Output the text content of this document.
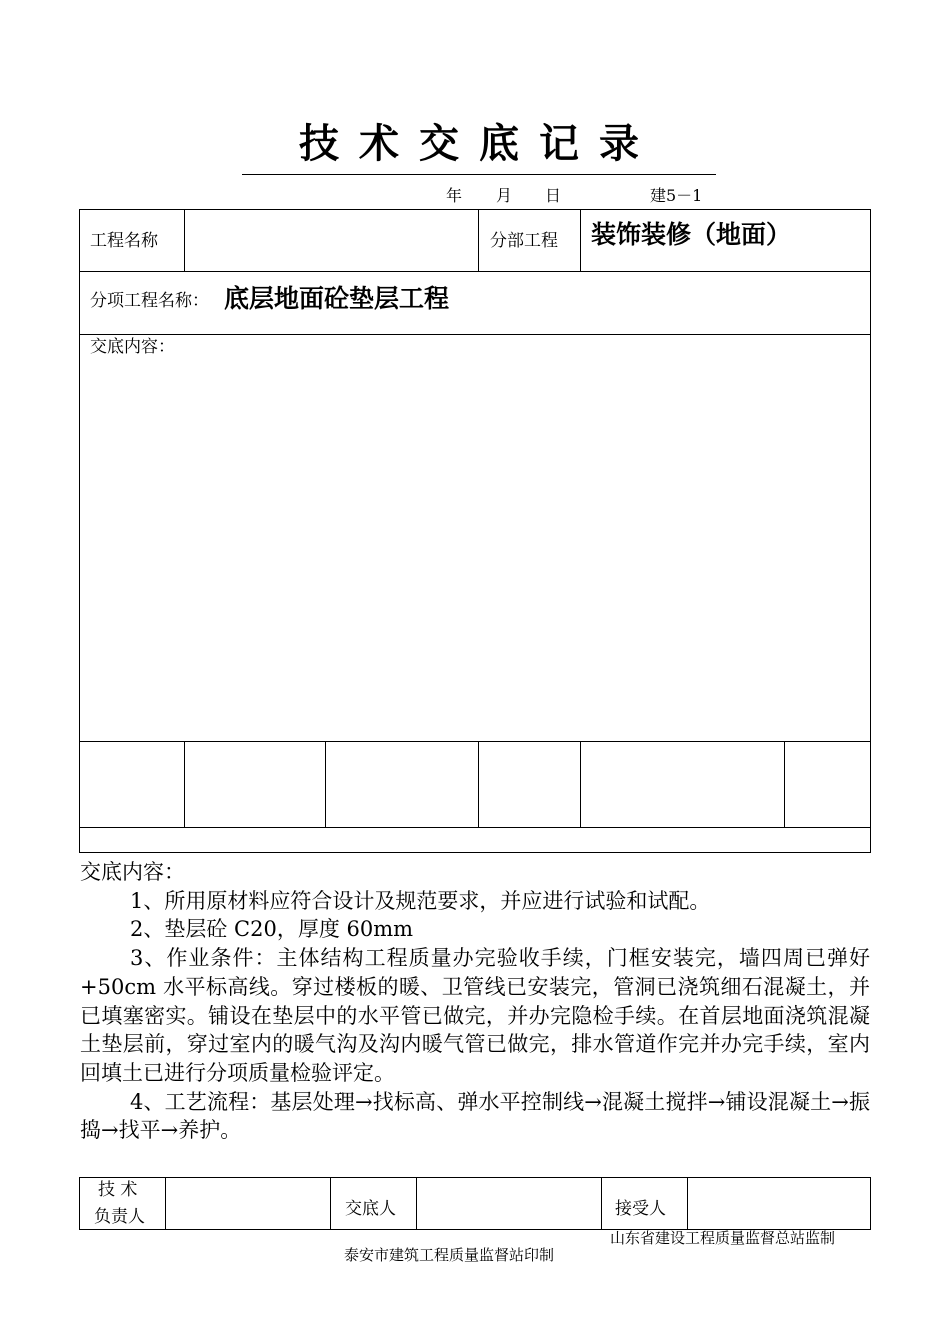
技术交底记录
年 月 日	建5－1
工程名称	分部工程 装饰装修（地面）
分项工程名称： 底层地面砼垫层工程
交底内容：

交底内容：

1、所用原材料应符合设计及规范要求，并应进行试验和试配。

2、垫层砼 C20，厚度 60mm

3、作业条件：主体结构工程质量办完验收手续，门框安装完，墙四周已弹好+50cm 水平标高线。穿过楼板的暖、卫管线已安装完，管洞已浇筑细石混凝土，并已填塞密实。铺设在垫层中的水平管已做完，并办完隐检手续。在首层地面浇筑混凝土垫层前，穿过室内的暖气沟及沟内暖气管已做完，排水管道作完并办完手续，室内回填土已进行分项质量检验评定。

4、工艺流程：基层处理→找标高、弹水平控制线→混凝土搅拌→铺设混凝土→振捣→找平→养护。

技 术
负责人	交底人	接受人
山东省建设工程质量监督总站监制
泰安市建筑工程质量监督站印制
